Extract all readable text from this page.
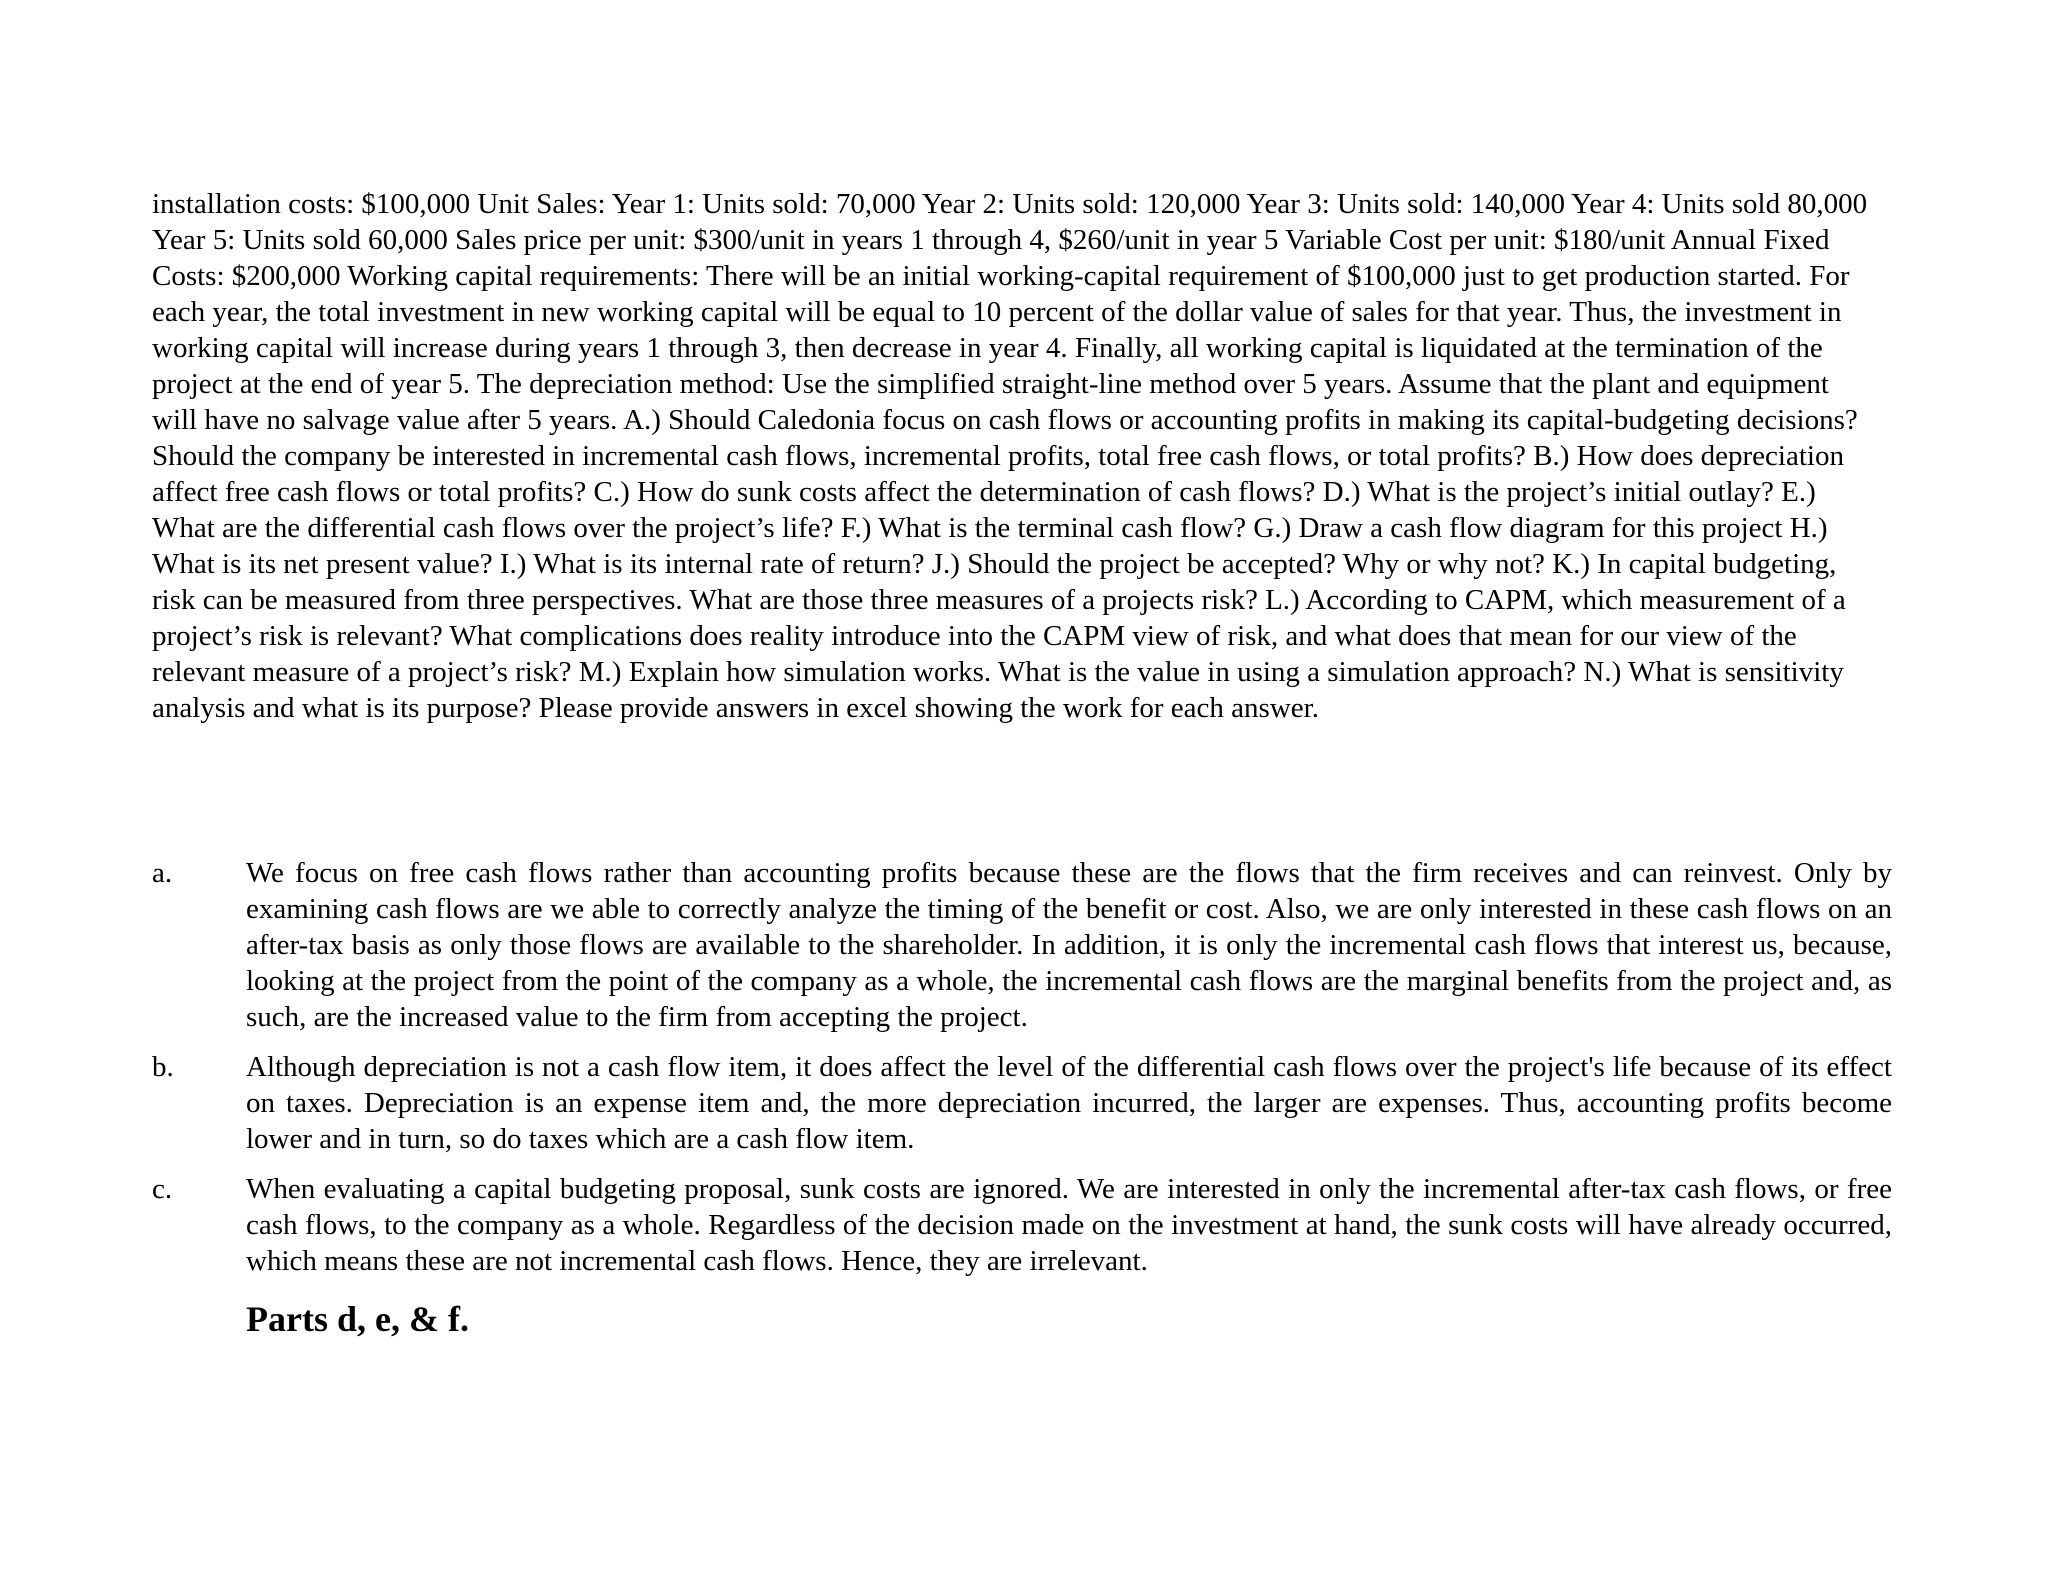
installation costs: $100,000 Unit Sales: Year 1: Units sold: 70,000 Year 2: Units sold: 120,000 Year 3: Units sold: 140,000 Year 4: Units sold 80,000 Year 5: Units sold 60,000 Sales price per unit: $300/unit in years 1 through 4, $260/unit in year 5 Variable Cost per unit: $180/unit Annual Fixed Costs: $200,000 Working capital requirements: There will be an initial working-capital requirement of $100,000 just to get production started. For each year, the total investment in new working capital will be equal to 10 percent of the dollar value of sales for that year. Thus, the investment in working capital will increase during years 1 through 3, then decrease in year 4. Finally, all working capital is liquidated at the termination of the project at the end of year 5. The depreciation method: Use the simplified straight-line method over 5 years. Assume that the plant and equipment will have no salvage value after 5 years. A.) Should Caledonia focus on cash flows or accounting profits in making its capital-budgeting decisions? Should the company be interested in incremental cash flows, incremental profits, total free cash flows, or total profits? B.) How does depreciation affect free cash flows or total profits? C.) How do sunk costs affect the determination of cash flows? D.) What is the project’s initial outlay? E.) What are the differential cash flows over the project’s life? F.) What is the terminal cash flow? G.) Draw a cash flow diagram for this project H.) What is its net present value? I.) What is its internal rate of return? J.) Should the project be accepted? Why or why not? K.) In capital budgeting, risk can be measured from three perspectives. What are those three measures of a projects risk? L.) According to CAPM, which measurement of a project’s risk is relevant? What complications does reality introduce into the CAPM view of risk, and what does that mean for our view of the relevant measure of a project’s risk? M.) Explain how simulation works. What is the value in using a simulation approach? N.) What is sensitivity analysis and what is its purpose? Please provide answers in excel showing the work for each answer.

a.	We focus on free cash flows rather than accounting profits because these are the flows that the firm receives and can reinvest. Only by examining cash flows are we able to correctly analyze the timing of the benefit or cost. Also, we are only interested in these cash flows on an after-tax basis as only those flows are available to the shareholder. In addition, it is only the incremental cash flows that interest us, because, looking at the project from the point of the company as a whole, the incremental cash flows are the marginal benefits from the project and, as such, are the increased value to the firm from accepting the project.
b.	Although depreciation is not a cash flow item, it does affect the level of the differential cash flows over the project's life because of its effect on taxes. Depreciation is an expense item and, the more depreciation incurred, the larger are expenses. Thus, accounting profits become lower and in turn, so do taxes which are a cash flow item.
c.	When evaluating a capital budgeting proposal, sunk costs are ignored. We are interested in only the incremental after-tax cash flows, or free cash flows, to the company as a whole. Regardless of the decision made on the investment at hand, the sunk costs will have already occurred, which means these are not incremental cash flows. Hence, they are irrelevant.
Parts d, e, & f.
